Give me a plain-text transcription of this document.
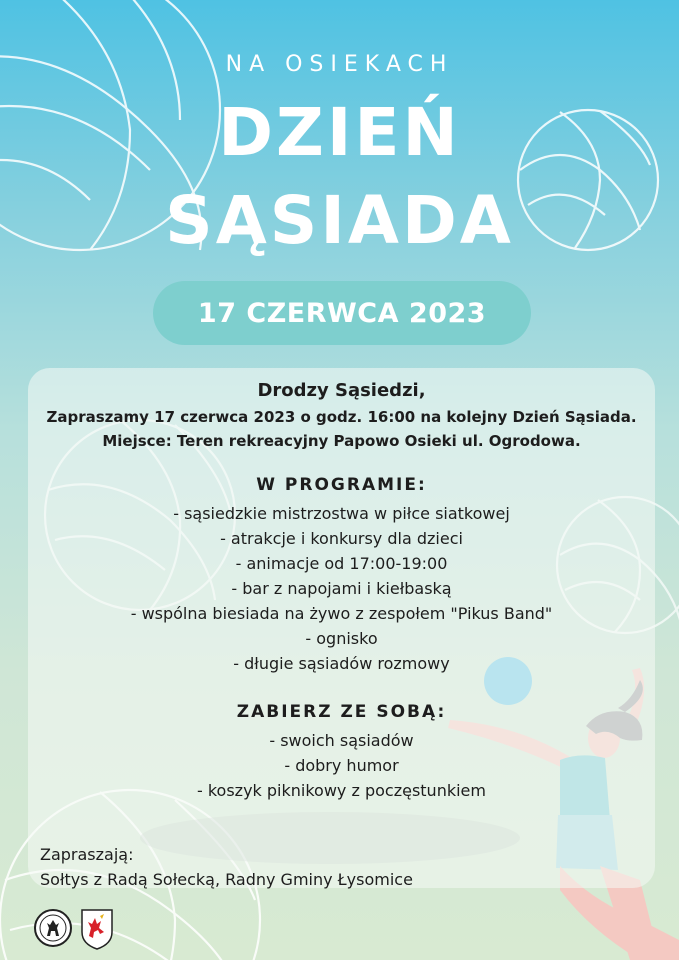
NA OSIEKACH
DZIEŃ
SĄSIADA
17 CZERWCA 2023
Drodzy Sąsiedzi,
Zapraszamy 17 czerwca 2023 o godz. 16:00 na kolejny Dzień Sąsiada.
Miejsce: Teren rekreacyjny Papowo Osieki ul. Ogrodowa.
W PROGRAMIE:
- sąsiedzkie mistrzostwa w piłce siatkowej
- atrakcje i konkursy dla dzieci
- animacje od 17:00-19:00
- bar z napojami i kiełbaską
- wspólna biesiada na żywo z zespołem "Pikus Band"
- ognisko
- długie sąsiadów rozmowy
ZABIERZ ZE SOBĄ:
- swoich sąsiadów
- dobry humor
- koszyk piknikowy z poczęstunkiem
Zapraszają:
Sołtys z Radą Sołecką, Radny Gminy Łysomice
